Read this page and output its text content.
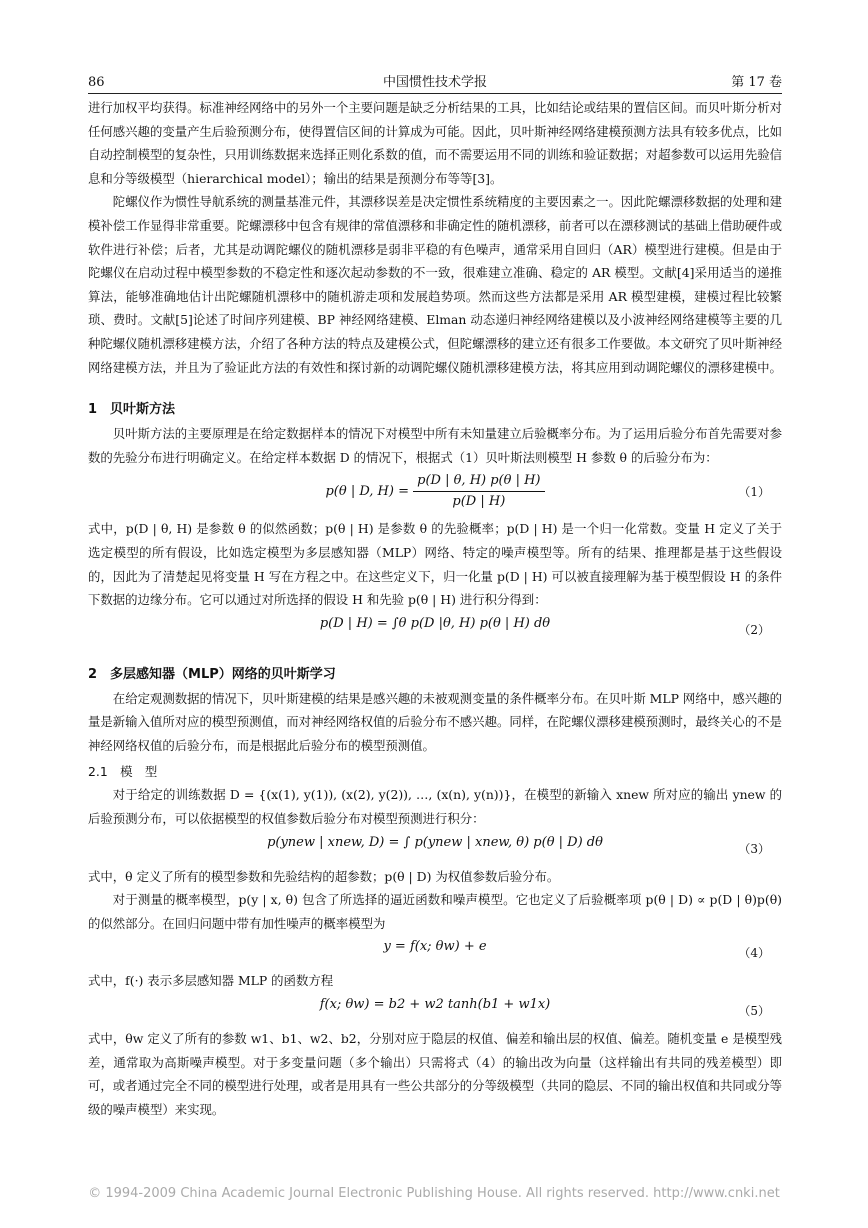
86	中国惯性技术学报	第 17 卷

进行加权平均获得。标准神经网络中的另外一个主要问题是缺乏分析结果的工具，比如结论或结果的置信区间。而贝叶斯分析对任何感兴趣的变量产生后验预测分布，使得置信区间的计算成为可能。因此，贝叶斯神经网络建模预测方法具有较多优点，比如自动控制模型的复杂性，只用训练数据来选择正则化系数的值，而不需要运用不同的训练和验证数据；对超参数可以运用先验信息和分等级模型（hierarchical model）；输出的结果是预测分布等等[3]。

陀螺仪作为惯性导航系统的测量基准元件，其漂移误差是决定惯性系统精度的主要因素之一。因此陀螺漂移数据的处理和建模补偿工作显得非常重要。陀螺漂移中包含有规律的常值漂移和非确定性的随机漂移，前者可以在漂移测试的基础上借助硬件或软件进行补偿；后者，尤其是动调陀螺仪的随机漂移是弱非平稳的有色噪声，通常采用自回归（AR）模型进行建模。但是由于陀螺仪在启动过程中模型参数的不稳定性和逐次起动参数的不一致，很难建立准确、稳定的 AR 模型。文献[4]采用适当的递推算法，能够准确地估计出陀螺随机漂移中的随机游走项和发展趋势项。然而这些方法都是采用 AR 模型建模，建模过程比较繁琐、费时。文献[5]论述了时间序列建模、BP 神经网络建模、Elman 动态递归神经网络建模以及小波神经网络建模等主要的几种陀螺仪随机漂移建模方法，介绍了各种方法的特点及建模公式，但陀螺漂移的建立还有很多工作要做。本文研究了贝叶斯神经网络建模方法，并且为了验证此方法的有效性和探讨新的动调陀螺仪随机漂移建模方法，将其应用到动调陀螺仪的漂移建模中。

1　贝叶斯方法

贝叶斯方法的主要原理是在给定数据样本的情况下对模型中所有未知量建立后验概率分布。为了运用后验分布首先需要对参数的先验分布进行明确定义。在给定样本数据 D 的情况下，根据式（1）贝叶斯法则模型 H 参数 θ 的后验分布为：

p(θ | D, $H) = \frac{p(D | \theta, H) p(\theta | H)}{p(D | H)}$	（1）

式中，p(D | θ, H) 是参数 θ 的似然函数；p(θ | H) 是参数 θ 的先验概率；p(D | H) 是一个归一化常数。变量 H 定义了关于选定模型的所有假设，比如选定模型为多层感知器（MLP）网络、特定的噪声模型等。所有的结果、推理都是基于这些假设的，因此为了清楚起见将变量 H 写在方程之中。在这些定义下，归一化量 p(D | H) 可以被直接理解为基于模型假设 H 的条件下数据的边缘分布。它可以通过对所选择的假设 H 和先验 p(θ | H) 进行积分得到：

p(D | H) = ∫θ p(D |θ, H) p(θ | H) dθ	（2）
2　多层感知器（MLP）网络的贝叶斯学习

在给定观测数据的情况下，贝叶斯建模的结果是感兴趣的未被观测变量的条件概率分布。在贝叶斯 MLP 网络中，感兴趣的量是新输入值所对应的模型预测值，而对神经网络权值的后验分布不感兴趣。同样，在陀螺仪漂移建模预测时，最终关心的不是神经网络权值的后验分布，而是根据此后验分布的模型预测值。

2.1　模　型

对于给定的训练数据 D = {(x(1), y(1)), (x(2), y(2)), …, (x(n), y(n))}，在模型的新输入 xnew 所对应的输出 ynew 的后验预测分布，可以依据模型的权值参数后验分布对模型预测进行积分：

p(ynew | xnew, D) = ∫ p(ynew | xnew, θ) p(θ | D) dθ	（3）

式中，θ 定义了所有的模型参数和先验结构的超参数；p(θ | D) 为权值参数后验分布。

对于测量的概率模型，p(y | x, θ) 包含了所选择的逼近函数和噪声模型。它也定义了后验概率项 p(θ | D) ∝ p(D | θ)p(θ) 的似然部分。在回归问题中带有加性噪声的概率模型为

y = f(x; θw) + e	（4）

式中，f(·) 表示多层感知器 MLP 的函数方程

f(x; θw) = b2 + w2 tanh(b1 + w1x)	（5）

式中，θw 定义了所有的参数 w1、b1、w2、b2，分别对应于隐层的权值、偏差和输出层的权值、偏差。随机变量 e 是模型残差，通常取为高斯噪声模型。对于多变量问题（多个输出）只需将式（4）的输出改为向量（这样输出有共同的残差模型）即可，或者通过完全不同的模型进行处理，或者是用具有一些公共部分的分等级模型（共同的隐层、不同的输出权值和共同或分等级的噪声模型）来实现。

© 1994-2009 China Academic Journal Electronic Publishing House. All rights reserved. http://www.cnki.net
